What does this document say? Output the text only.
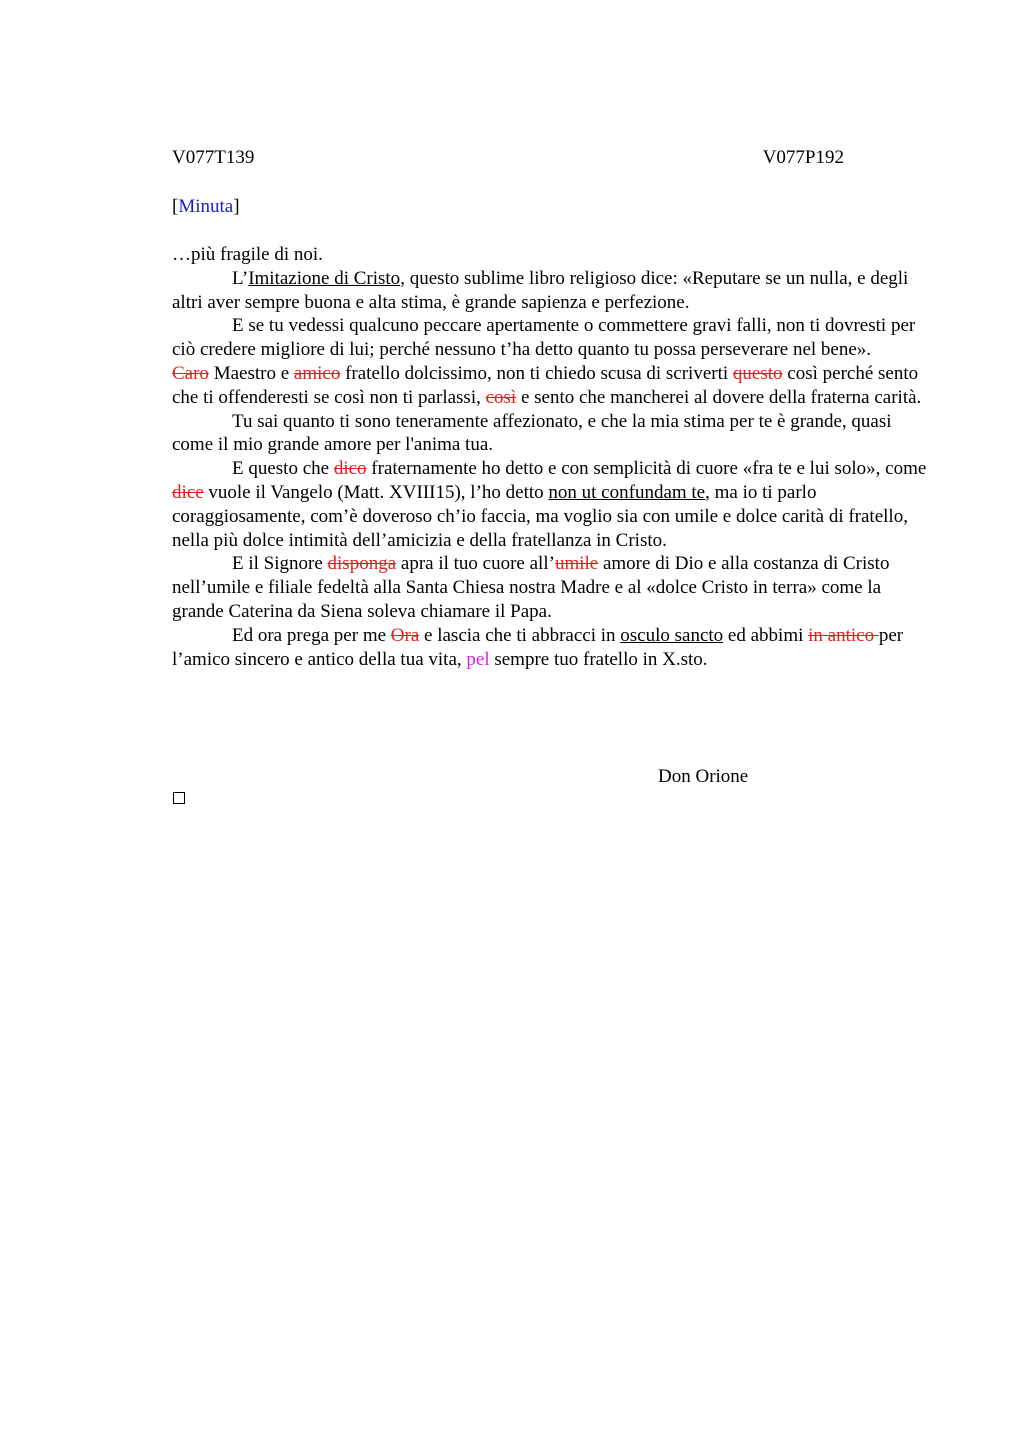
V077T139	V077P192
[Minuta]

…più fragile di noi.

L’Imitazione di Cristo, questo sublime libro religioso dice: «Reputare se un nulla, e degli altri aver sempre buona e alta stima, è grande sapienza e perfezione.

E se tu vedessi qualcuno peccare apertamente o commettere gravi falli, non ti dovresti per ciò credere migliore di lui; perché nessuno t’ha detto quanto tu possa perseverare nel bene».

Caro Maestro e amico fratello dolcissimo, non ti chiedo scusa di scriverti questo così perché sento che ti offenderesti se così non ti parlassi, così e sento che mancherei al dovere della fraterna carità.

Tu sai quanto ti sono teneramente affezionato, e che la mia stima per te è grande, quasi come il mio grande amore per l'anima tua.

E questo che dico fraternamente ho detto e con semplicità di cuore «fra te e lui solo», come dice vuole il Vangelo (Matt. XVIII15), l’ho detto non ut confundam te, ma io ti parlo coraggiosamente, com’è doveroso ch’io faccia, ma voglio sia con umile e dolce carità di fratello, nella più dolce intimità dell’amicizia e della fratellanza in Cristo.

E il Signore disponga apra il tuo cuore all’umile amore di Dio e alla costanza di Cristo nell’umile e filiale fedeltà alla Santa Chiesa nostra Madre e al «dolce Cristo in terra» come la grande Caterina da Siena soleva chiamare il Papa.

Ed ora prega per me Ora e lascia che ti abbracci in osculo sancto ed abbimi in antico per l’amico sincero e antico della tua vita, pel sempre tuo fratello in X.sto.

Don Orione
